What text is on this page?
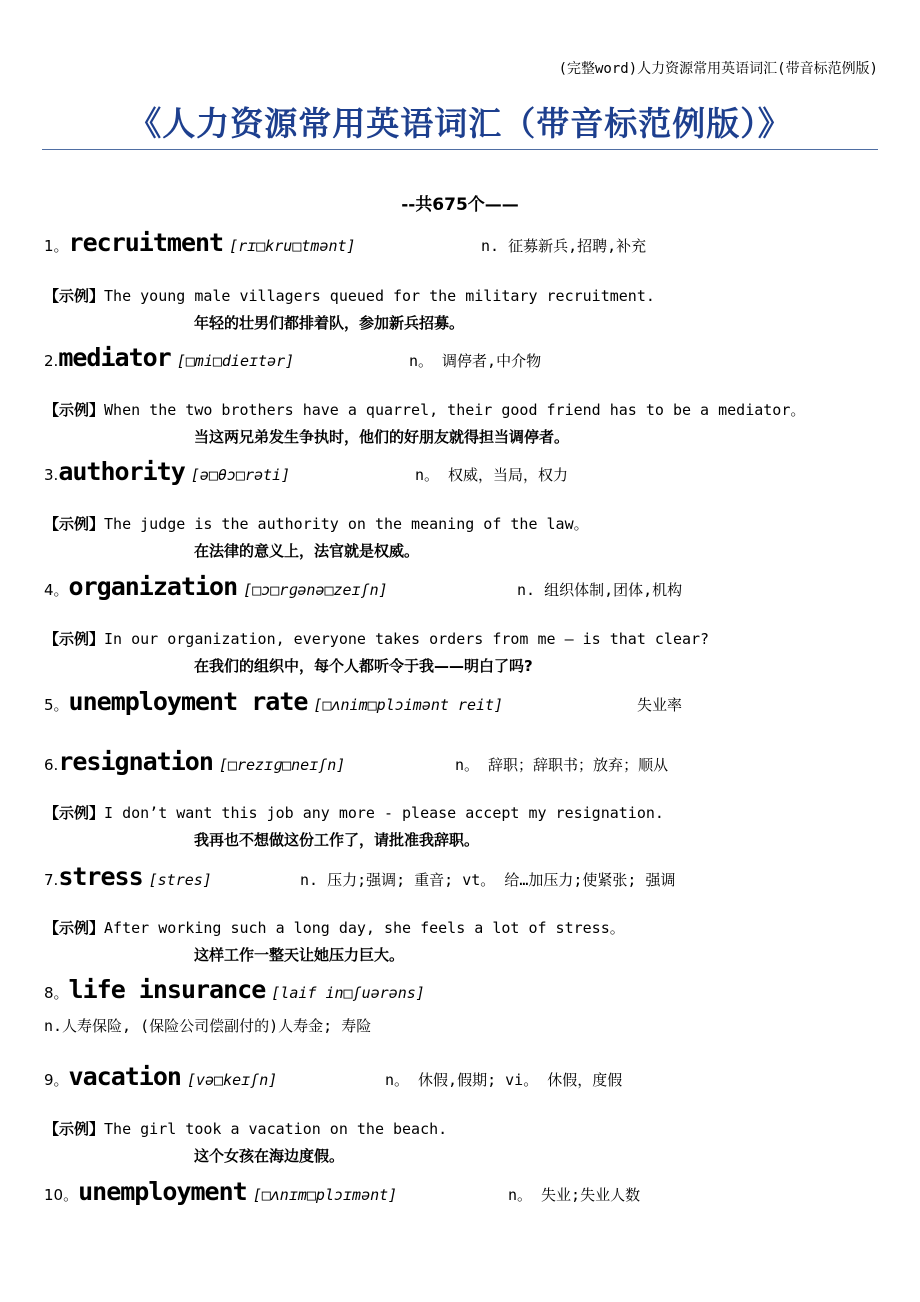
(完整word)人力资源常用英语词汇(带音标范例版)
《人力资源常用英语词汇（带音标范例版）》
--共675个——
1。 recruitment [rɪ□kru□tmənt]	n. 征募新兵,招聘,补充
【示例】The young male villagers queued for the military recruitment.
年轻的壮男们都排着队，参加新兵招募。
2. mediator [□mi□dieɪtər]	n。 调停者,中介物
【示例】When the two brothers have a quarrel, their good friend has to be a mediator。
当这两兄弟发生争执时，他们的好朋友就得担当调停者。
3. authority [ə□θɔ□rəti]	n。 权威，当局，权力
【示例】The judge is the authority on the meaning of the law。
在法律的意义上，法官就是权威。
4。 organization [□ɔ□rɡənə□zeɪʃn]	n. 组织体制,团体,机构
【示例】In our organization, everyone takes orders from me — is that clear?
在我们的组织中，每个人都听令于我——明白了吗?
5。 unemployment rate [□ʌnim□plɔimənt reit]	失业率
6. resignation [□rezɪɡ□neɪʃn]	n。 辞职；辞职书；放弃；顺从
【示例】I don’t want this job any more - please accept my resignation.
我再也不想做这份工作了，请批准我辞职。
7. stress [stres]	n. 压力;强调; 重音; vt。 给…加压力;使紧张; 强调
【示例】After working such a long day, she feels a lot of stress。
这样工作一整天让她压力巨大。
8。 life insurance [laif in□ʃuərəns]
n.人寿保险, (保险公司偿副付的)人寿金; 寿险
9。 vacation [və□keɪʃn]	n。 休假,假期; vi。 休假，度假
【示例】The girl took a vacation on the beach.
这个女孩在海边度假。
10。 unemployment [□ʌnɪm□plɔɪmənt]	n。 失业;失业人数
